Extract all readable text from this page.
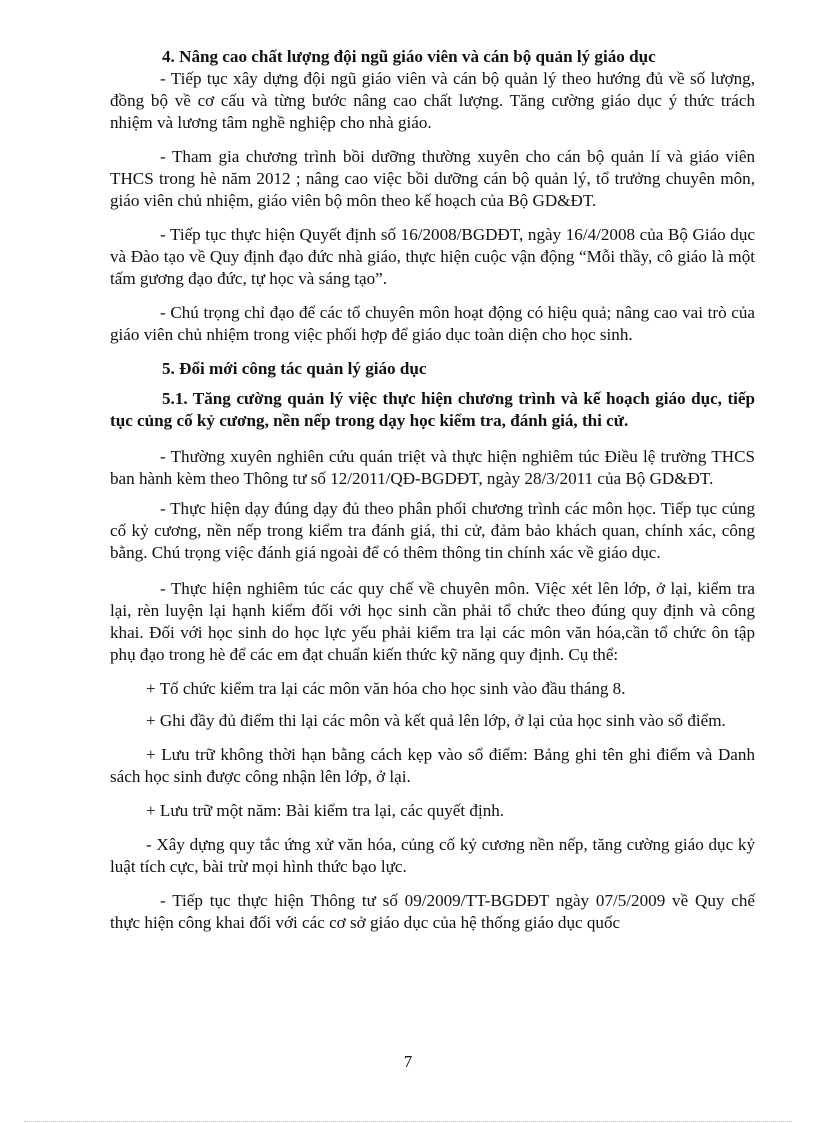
4. Nâng cao chất lượng đội ngũ giáo viên và cán bộ quản lý giáo dục

- Tiếp tục xây dựng đội ngũ giáo viên và cán bộ quản lý theo hướng đủ về số lượng, đồng bộ về cơ cấu và từng bước nâng cao chất lượng. Tăng cường giáo dục ý thức trách nhiệm và lương tâm nghề nghiệp cho nhà giáo.

- Tham gia chương trình bồi dưỡng thường xuyên cho cán bộ quản lí và giáo viên THCS trong hè năm 2012 ; nâng cao việc bồi dưỡng cán bộ quản lý, tổ trưởng chuyên môn, giáo viên chủ nhiệm, giáo viên bộ môn theo kế hoạch của Bộ GD&ĐT.

- Tiếp tục thực hiện Quyết định số 16/2008/BGDĐT, ngày 16/4/2008 của Bộ Giáo dục và Đào tạo về Quy định đạo đức nhà giáo, thực hiện cuộc vận động “Mỗi thầy, cô giáo là một tấm gương đạo đức, tự học và sáng tạo”.

- Chú trọng chỉ đạo để các tổ chuyên môn hoạt động có hiệu quả; nâng cao vai trò của giáo viên chủ nhiệm trong việc phối hợp để giáo dục toàn diện cho học sinh.

5. Đổi mới công tác quản lý giáo dục

5.1. Tăng cường quản lý việc thực hiện chương trình và kế hoạch giáo dục, tiếp tục củng cố kỷ cương, nền nếp trong dạy học kiểm tra, đánh giá, thi cử.

- Thường xuyên nghiên cứu quán triệt và thực hiện nghiêm túc Điều lệ trường THCS ban hành kèm theo Thông tư số 12/2011/QĐ-BGDĐT, ngày 28/3/2011 của Bộ GD&ĐT.

- Thực hiện dạy đúng dạy đủ theo phân phối chương trình các môn học. Tiếp tục củng cố kỷ cương, nền nếp trong kiểm tra đánh giá, thi cử, đảm bảo khách quan, chính xác, công bằng. Chú trọng việc đánh giá ngoài để có thêm thông tin chính xác về giáo dục.

- Thực hiện nghiêm túc các quy chế về chuyên môn. Việc xét lên lớp, ở lại, kiểm tra lại, rèn luyện lại hạnh kiểm đối với học sinh cần phải tổ chức theo đúng quy định và công khai. Đối với học sinh do học lực yếu phải kiểm tra lại các môn văn hóa,cần tổ chức ôn tập phụ đạo trong hè để các em đạt chuẩn kiến thức kỹ năng quy định. Cụ thể:

+ Tổ chức kiểm tra lại các môn văn hóa cho học sinh vào đầu tháng 8.

+ Ghi đầy đủ điểm thi lại các môn và kết quả lên lớp, ở lại của học sinh vào sổ điểm.

+ Lưu trữ không thời hạn bằng cách kẹp vào sổ điểm: Bảng ghi tên ghi điểm và Danh sách học sinh được công nhận lên lớp, ở lại.

+ Lưu trữ một năm: Bài kiểm tra lại, các quyết định.

- Xây dựng quy tắc ứng xử văn hóa, củng cố kỷ cương nền nếp, tăng cường giáo dục kỷ luật tích cực, bài trừ mọi hình thức bạo lực.

- Tiếp tục thực hiện Thông tư số 09/2009/TT-BGDĐT ngày 07/5/2009 về Quy chế thực hiện công khai đối với các cơ sở giáo dục của hệ thống giáo dục quốc

7
